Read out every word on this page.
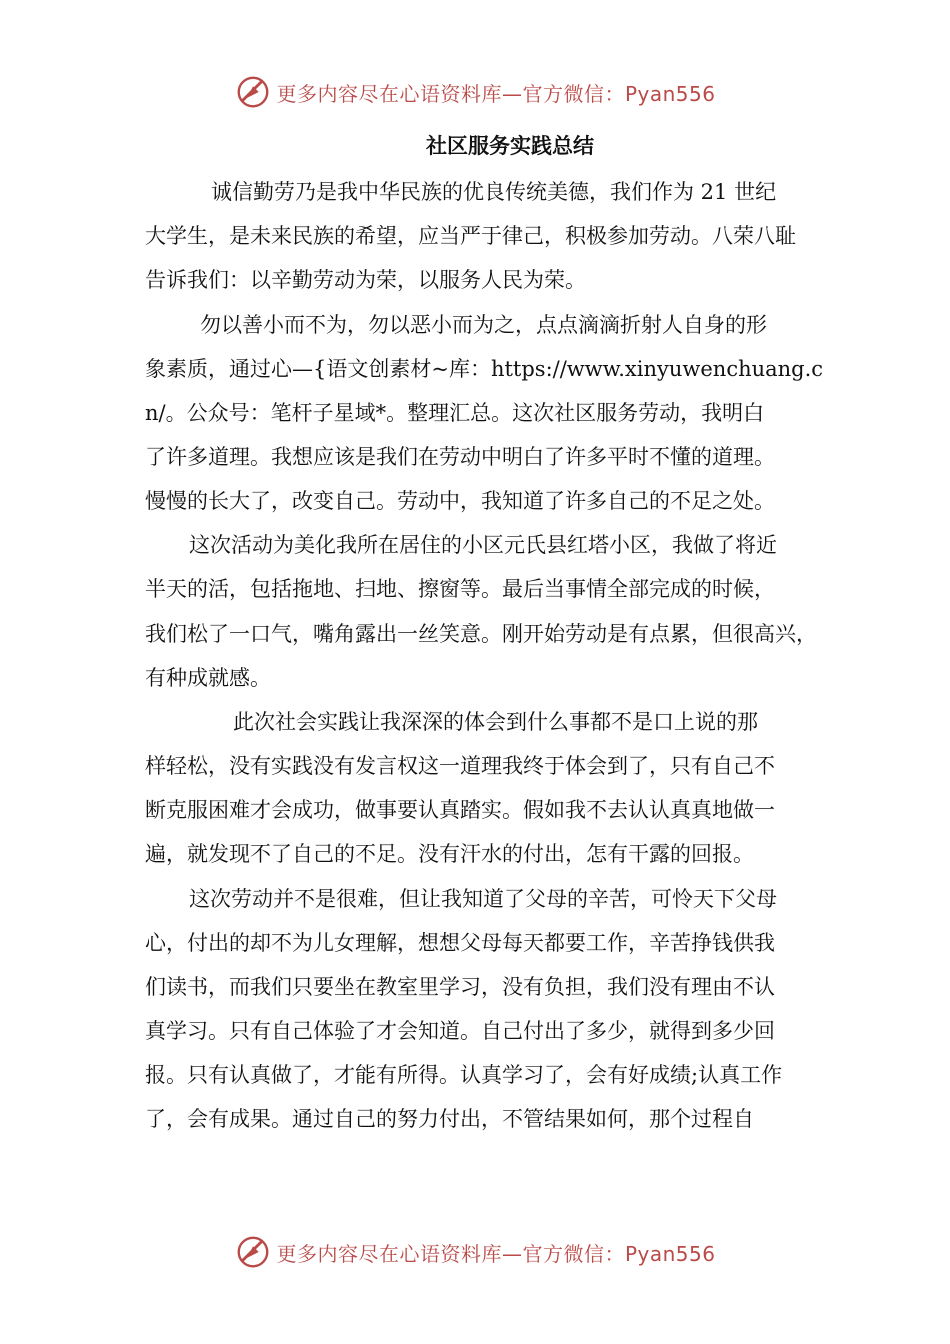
更多内容尽在心语资料库—官方微信：Pyan556
社区服务实践总结
诚信勤劳乃是我中华民族的优良传统美德，我们作为 21 世纪
大学生，是未来民族的希望，应当严于律己，积极参加劳动。八荣八耻
告诉我们：以辛勤劳动为荣，以服务人民为荣。
勿以善小而不为，勿以恶小而为之，点点滴滴折射人自身的形
象素质，通过心—{语文创素材~库：https://www.xinyuwenchuang.c
n/。公众号：笔杆子星域*。整理汇总。这次社区服务劳动，我明白
了许多道理。我想应该是我们在劳动中明白了许多平时不懂的道理。
慢慢的长大了，改变自己。劳动中，我知道了许多自己的不足之处。
这次活动为美化我所在居住的小区元氏县红塔小区，我做了将近
半天的活，包括拖地、扫地、擦窗等。最后当事情全部完成的时候，
我们松了一口气，嘴角露出一丝笑意。刚开始劳动是有点累，但很高兴，
有种成就感。
此次社会实践让我深深的体会到什么事都不是口上说的那
样轻松，没有实践没有发言权这一道理我终于体会到了，只有自己不
断克服困难才会成功，做事要认真踏实。假如我不去认认真真地做一
遍，就发现不了自己的不足。没有汗水的付出，怎有干露的回报。
这次劳动并不是很难，但让我知道了父母的辛苦，可怜天下父母
心，付出的却不为儿女理解，想想父母每天都要工作，辛苦挣钱供我
们读书，而我们只要坐在教室里学习，没有负担，我们没有理由不认
真学习。只有自己体验了才会知道。自己付出了多少，就得到多少回
报。只有认真做了，才能有所得。认真学习了，会有好成绩;认真工作
了，会有成果。通过自己的努力付出，不管结果如何，那个过程自
更多内容尽在心语资料库—官方微信：Pyan556
